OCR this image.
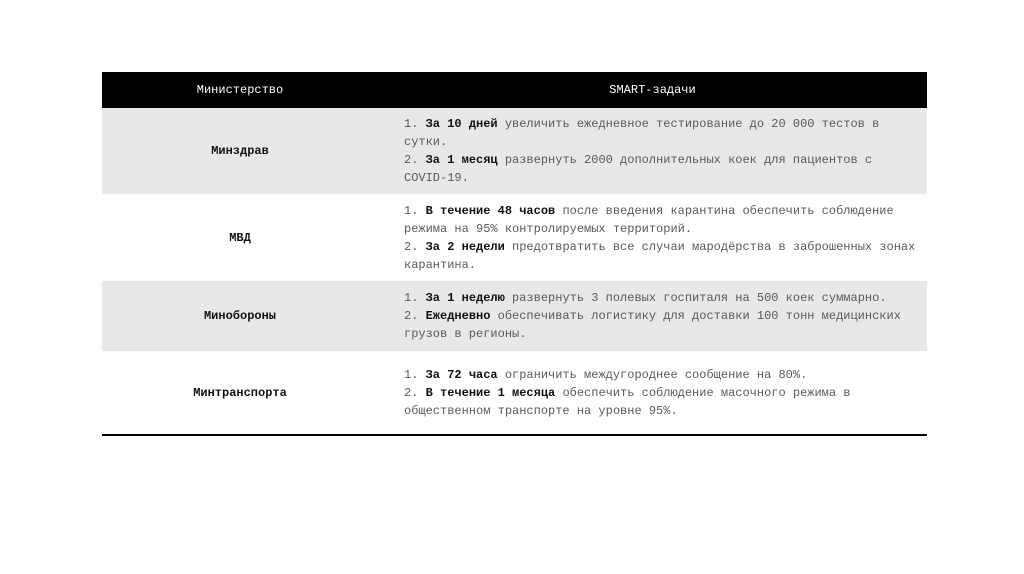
Министерство	SMART-задачи
Минздрав	1. За 10 дней увеличить ежедневное тестирование до 20 000 тестов в сутки.
2. За 1 месяц развернуть 2000 дополнительных коек для пациентов с COVID-19.

МВД	1. В течение 48 часов после введения карантина обеспечить соблюдение режима на 95% контролируемых территорий.
2. За 2 недели предотвратить все случаи мародёрства в заброшенных зонах карантина.

Минобороны	1. За 1 неделю развернуть 3 полевых госпиталя на 500 коек суммарно.
2. Ежедневно обеспечивать логистику для доставки 100 тонн медицинских грузов в регионы.

Минтранспорта	1. За 72 часа ограничить междугороднее сообщение на 80%.
2. В течение 1 месяца обеспечить соблюдение масочного режима в общественном транспорте на уровне 95%.
